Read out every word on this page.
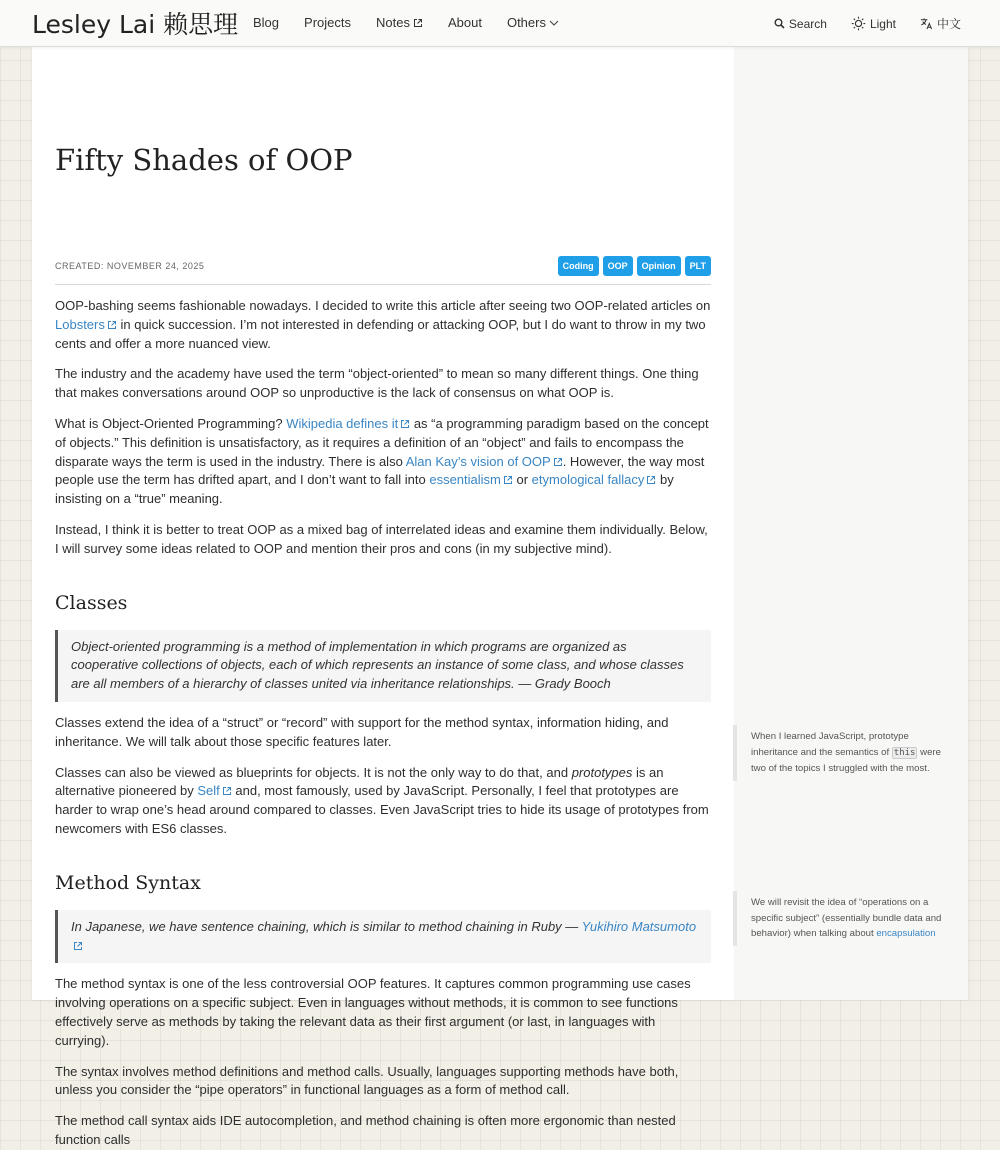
Lesley Lai 赖思理 Blog Projects Notes	About Others	Search	Light	中文
Fifty Shades of OOP
CREATED: NOVEMBER 24, 2025	Coding	OOP	Opinion	PLT

OOP-bashing seems fashionable nowadays. I decided to write this article after seeing two OOP-related articles on Lobsters in quick succession. I’m not interested in defending or attacking OOP, but I do want to throw in my two cents and offer a more nuanced view.

The industry and the academy have used the term “object-oriented” to mean so many different things. One thing that makes conversations around OOP so unproductive is the lack of consensus on what OOP is.

What is Object-Oriented Programming? Wikipedia defines it as “a programming paradigm based on the concept of objects.” This definition is unsatisfactory, as it requires a definition of an “object” and fails to encompass the disparate ways the term is used in the industry. There is also Alan Kay’s vision of OOP . However, the way most people use the term has drifted apart, and I don’t want to fall into essentialism or etymological fallacy by insisting on a “true” meaning.

Instead, I think it is better to treat OOP as a mixed bag of interrelated ideas and examine them individually. Below, I will survey some ideas related to OOP and mention their pros and cons (in my subjective mind).

Classes
Object-oriented programming is a method of implementation in which programs are organized as cooperative collections of objects, each of which represents an instance of some class, and whose classes are all members of a hierarchy of classes united via inheritance relationships. — Grady Booch

Classes extend the idea of a “struct” or “record” with support for the method syntax, information hiding, and inheritance. We will talk about those specific features later.

Classes can also be viewed as blueprints for objects. It is not the only way to do that, and prototypes is an alternative pioneered by Self and, most famously, used by JavaScript. Personally, I feel that prototypes are harder to wrap one’s head around compared to classes. Even JavaScript tries to hide its usage of prototypes from newcomers with ES6 classes.

Method Syntax
In Japanese, we have sentence chaining, which is similar to method chaining in Ruby — Yukihiro Matsumoto

The method syntax is one of the less controversial OOP features. It captures common programming use cases involving operations on a specific subject. Even in languages without methods, it is common to see functions effectively serve as methods by taking the relevant data as their first argument (or last, in languages with currying).

The syntax involves method definitions and method calls. Usually, languages supporting methods have both, unless you consider the “pipe operators” in functional languages as a form of method call.

The method call syntax aids IDE autocompletion, and method chaining is often more ergonomic than nested function calls

When I learned JavaScript, prototype inheritance and the semantics of this were two of the topics I struggled with the most.
We will revisit the idea of “operations on a specific subject” (essentially bundle data and behavior) when talking about encapsulation
